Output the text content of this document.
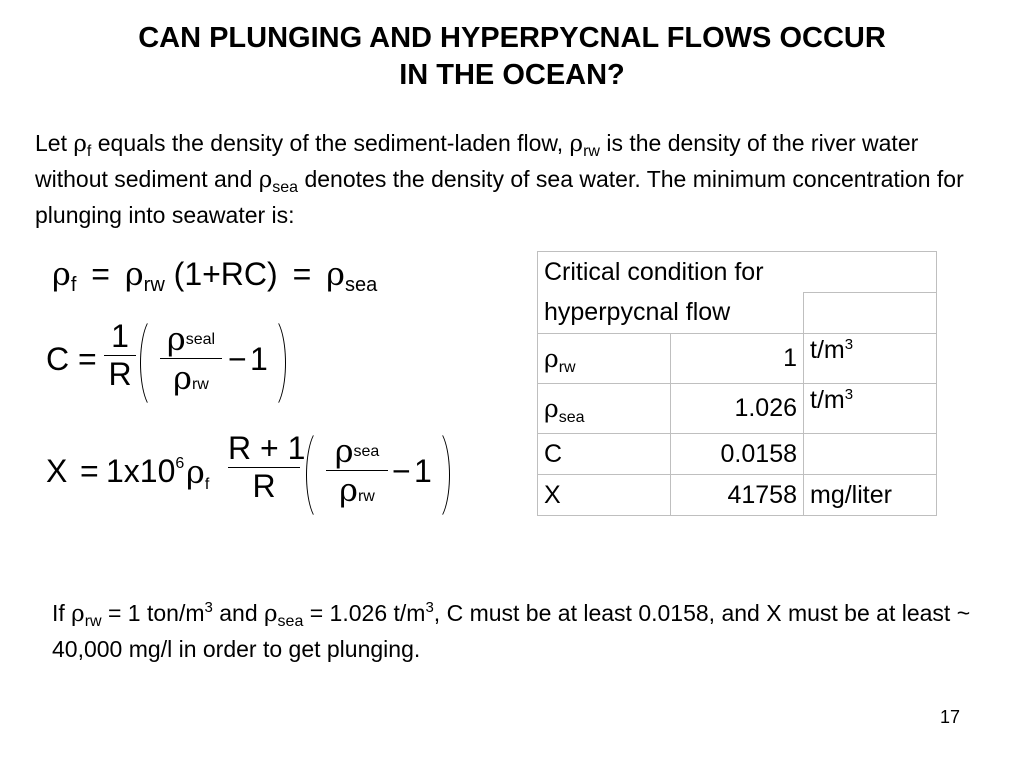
CAN PLUNGING AND HYPERPYCNAL FLOWS OCCUR
IN THE OCEAN?
Let $\rho_f$ equals the density of the sediment-laden flow, $\rho_{rw}$ is the density of the river water without sediment and $\rho_{sea}$ denotes the density of sea water. The minimum concentration for plunging into seawater is:
ρf = ρrw (1+RC) = ρsea
C =
1
R
ρseal
ρrw
− 1
$X = 1x10^6$ ρf
R + 1
R
ρsea
ρrw
− 1
Critical condition for		
hyperpycnal flow		
$\rho_{rw}$	1	$t/m^3$
$\rho_{sea}$	1.026	$t/m^3$
C	0.0158	
X	41758	mg/liter
If $\rho_{rw} = 1$ ton/$m^3$ and $\rho_{sea} = 1.026$ $t/m^3$, C must be at least 0.0158, and X must be at least ~ 40,000 mg/l in order to get plunging.
17
